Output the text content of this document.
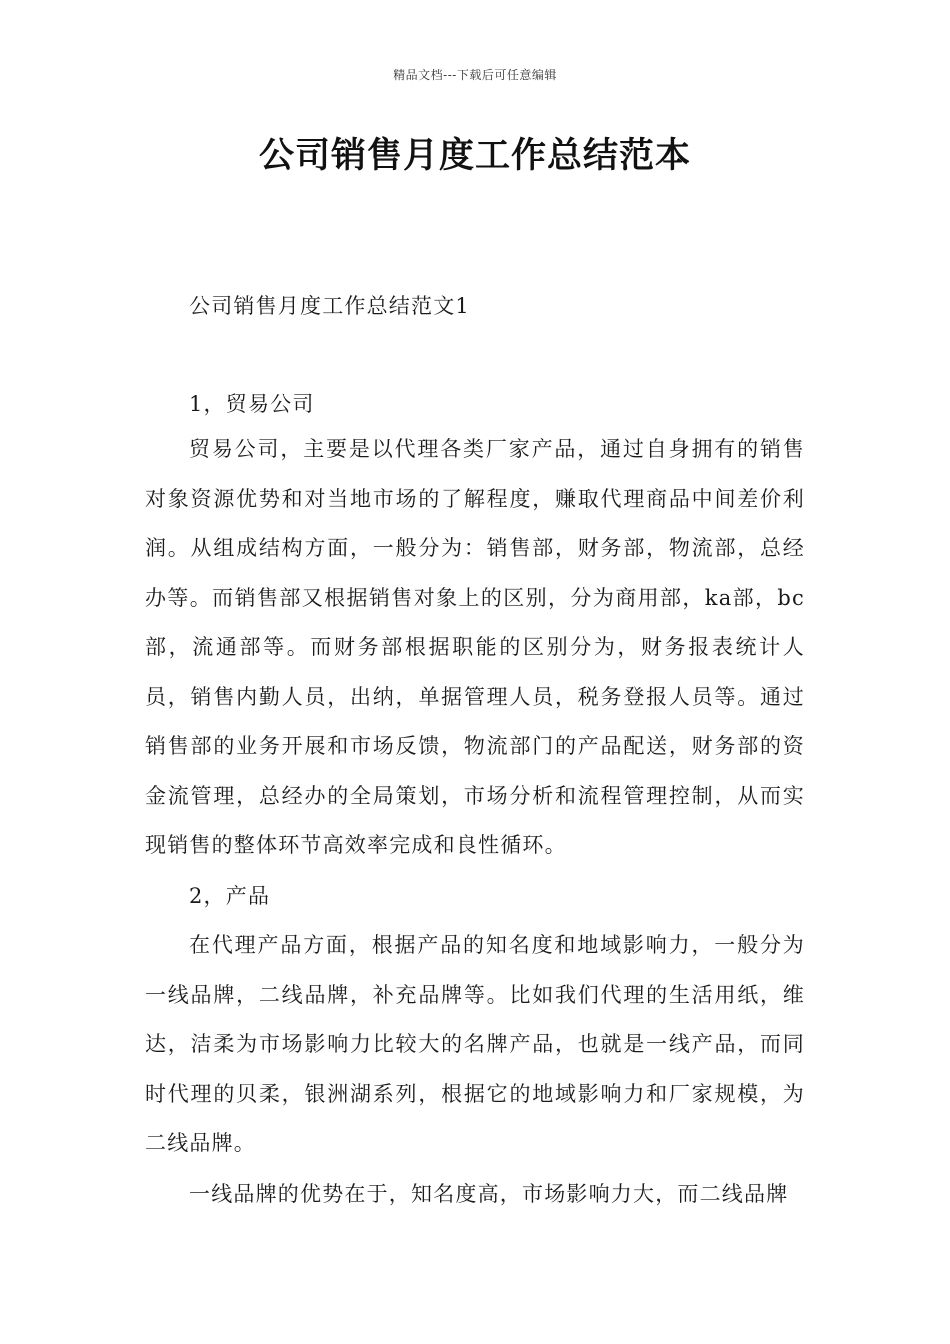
精品文档---下载后可任意编辑
公司销售月度工作总结范本

公司销售月度工作总结范文1

1，贸易公司

贸易公司，主要是以代理各类厂家产品，通过自身拥有的销售对象资源优势和对当地市场的了解程度，赚取代理商品中间差价利润。从组成结构方面，一般分为：销售部，财务部，物流部，总经办等。而销售部又根据销售对象上的区别，分为商用部，ka部，bc部，流通部等。而财务部根据职能的区别分为，财务报表统计人员，销售内勤人员，出纳，单据管理人员，税务登报人员等。通过销售部的业务开展和市场反馈，物流部门的产品配送，财务部的资金流管理，总经办的全局策划，市场分析和流程管理控制，从而实现销售的整体环节高效率完成和良性循环。

2，产品

在代理产品方面，根据产品的知名度和地域影响力，一般分为一线品牌，二线品牌，补充品牌等。比如我们代理的生活用纸，维达，洁柔为市场影响力比较大的名牌产品，也就是一线产品，而同时代理的贝柔，银洲湖系列，根据它的地域影响力和厂家规模，为二线品牌。

一线品牌的优势在于，知名度高，市场影响力大，而二线品牌
